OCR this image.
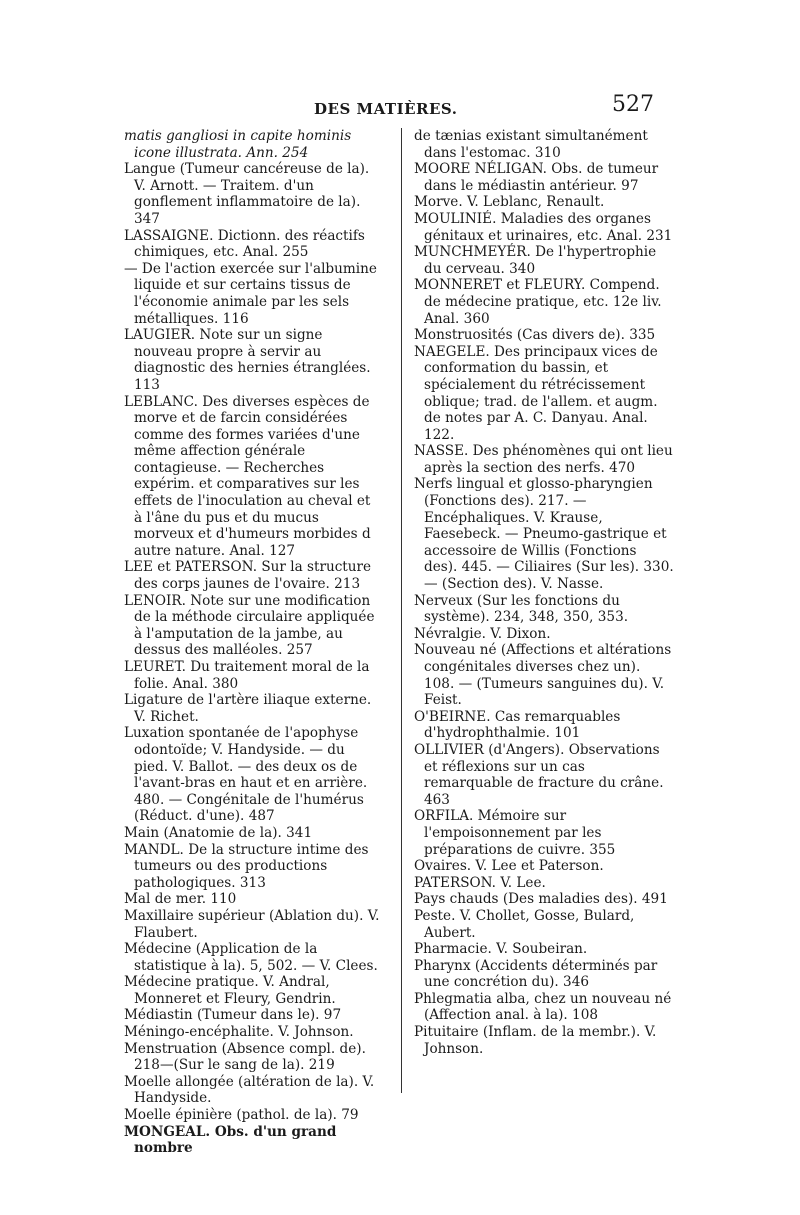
DES MATIÈRES.	527
matis gangliosi in capite hominis icone illustrata. Ann. 254
Langue (Tumeur cancéreuse de la). V. Arnott. — Traitem. d'un gonflement inflammatoire de la). 347
LASSAIGNE. Dictionn. des réactifs chimiques, etc. Anal. 255
— De l'action exercée sur l'albumine liquide et sur certains tissus de l'économie animale par les sels métalliques. 116
LAUGIER. Note sur un signe nouveau propre à servir au diagnostic des hernies étranglées. 113
LEBLANC. Des diverses espèces de morve et de farcin considérées comme des formes variées d'une même affection générale contagieuse. — Recherches expérim. et comparatives sur les effets de l'inoculation au cheval et à l'âne du pus et du mucus morveux et d'humeurs morbides d autre nature. Anal. 127
LEE et PATERSON. Sur la structure des corps jaunes de l'ovaire. 213
LENOIR. Note sur une modification de la méthode circulaire appliquée à l'amputation de la jambe, au dessus des malléoles. 257
LEURET. Du traitement moral de la folie. Anal. 380
Ligature de l'artère iliaque externe. V. Richet.
Luxation spontanée de l'apophyse odontoïde; V. Handyside. — du pied. V. Ballot. — des deux os de l'avant-bras en haut et en arrière. 480. — Congénitale de l'humérus (Réduct. d'une). 487
Main (Anatomie de la). 341
MANDL. De la structure intime des tumeurs ou des productions pathologiques. 313
Mal de mer. 110
Maxillaire supérieur (Ablation du). V. Flaubert.
Médecine (Application de la statistique à la). 5, 502. — V. Clees.
Médecine pratique. V. Andral, Monneret et Fleury, Gendrin.
Médiastin (Tumeur dans le). 97
Méningo-encéphalite. V. Johnson.
Menstruation (Absence compl. de). 218—(Sur le sang de la). 219
Moelle allongée (altération de la). V. Handyside.
Moelle épinière (pathol. de la). 79
MONGEAL. Obs. d'un grand nombre
de tænias existant simultanément dans l'estomac. 310
MOORE NÉLIGAN. Obs. de tumeur dans le médiastin antérieur. 97
Morve. V. Leblanc, Renault.
MOULINIÉ. Maladies des organes génitaux et urinaires, etc. Anal. 231
MUNCHMEYÉR. De l'hypertrophie du cerveau. 340
MONNERET et FLEURY. Compend. de médecine pratique, etc. 12e liv. Anal. 360
Monstruosités (Cas divers de). 335
NAEGELE. Des principaux vices de conformation du bassin, et spécialement du rétrécissement oblique; trad. de l'allem. et augm. de notes par A. C. Danyau. Anal. 122.
NASSE. Des phénomènes qui ont lieu après la section des nerfs. 470
Nerfs lingual et glosso-pharyngien (Fonctions des). 217. — Encéphaliques. V. Krause, Faesebeck. — Pneumo-gastrique et accessoire de Willis (Fonctions des). 445. — Ciliaires (Sur les). 330. — (Section des). V. Nasse.
Nerveux (Sur les fonctions du système). 234, 348, 350, 353.
Névralgie. V. Dixon.
Nouveau né (Affections et altérations congénitales diverses chez un). 108. — (Tumeurs sanguines du). V. Feist.
O'BEIRNE. Cas remarquables d'hydrophthalmie. 101
OLLIVIER (d'Angers). Observations et réflexions sur un cas remarquable de fracture du crâne. 463
ORFILA. Mémoire sur l'empoisonnement par les préparations de cuivre. 355
Ovaires. V. Lee et Paterson.
PATERSON. V. Lee.
Pays chauds (Des maladies des). 491
Peste. V. Chollet, Gosse, Bulard, Aubert.
Pharmacie. V. Soubeiran.
Pharynx (Accidents déterminés par une concrétion du). 346
Phlegmatia alba, chez un nouveau né (Affection anal. à la). 108
Pituitaire (Inflam. de la membr.). V. Johnson.
